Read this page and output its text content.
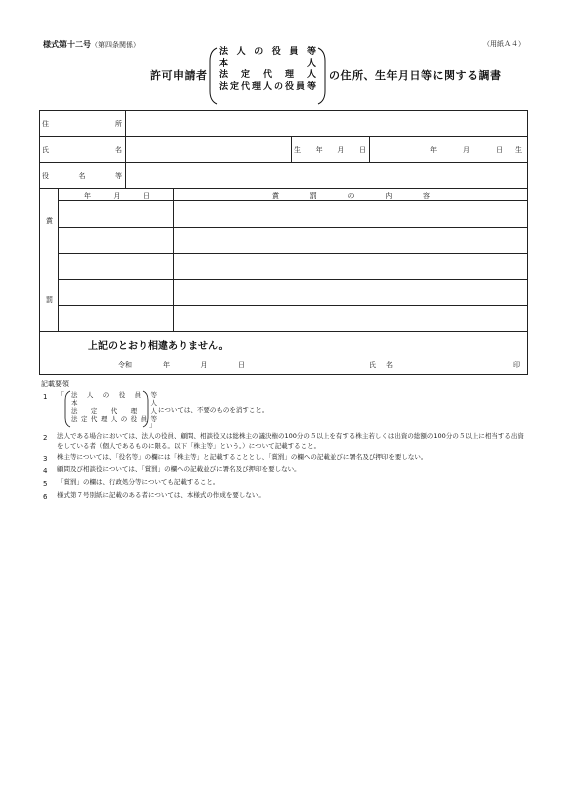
様式第十二号（第四条関係）	（用紙Ａ４）
許可申請者
法人の役員等
本人
法定代理人
法定代理人の役員等
の住所、生年月日等に関する調書
住 所
氏 名	生 年 月 日	年 月 日生
役 名 等
年 月 日	賞 罰 の 内 容
賞
罰
上記のとおり相違ありません。
令和	年 月 日	氏 名	印
記載要領
1 「 法人の役員等
本人
法定代理人
法定代理人の役員等
」
については、不要のものを消すこと。
2 法人である場合においては、法人の役員、顧問、相談役又は総株主の議決権の100分の５以上を有する株主若しくは出資の総額の100分の５以上に相当する出資をしている者（個人であるものに限る。以下「株主等」という。）について記載すること。
3 株主等については、「役名等」の欄には「株主等」と記載することとし、「賞罰」の欄への記載並びに署名及び押印を要しない。
4 顧問及び相談役については、「賞罰」の欄への記載並びに署名及び押印を要しない。
5 「賞罰」の欄は、行政処分等についても記載すること。
6 様式第７号別紙に記載のある者については、本様式の作成を要しない。
